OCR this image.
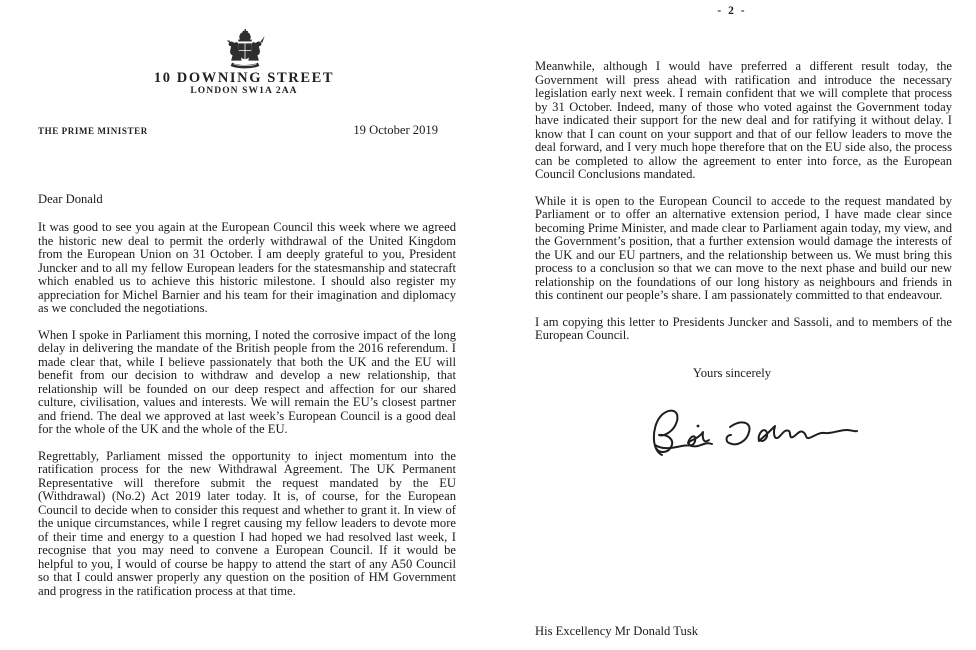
10 DOWNING STREET
LONDON SW1A 2AA
THE PRIME MINISTER	19 October 2019
Dear Donald

It was good to see you again at the European Council this week where we agreed the historic new deal to permit the orderly withdrawal of the United Kingdom from the European Union on 31 October. I am deeply grateful to you, President Juncker and to all my fellow European leaders for the statesmanship and statecraft which enabled us to achieve this historic milestone. I should also register my appreciation for Michel Barnier and his team for their imagination and diplomacy as we concluded the negotiations.

When I spoke in Parliament this morning, I noted the corrosive impact of the long delay in delivering the mandate of the British people from the 2016 referendum. I made clear that, while I believe passionately that both the UK and the EU will benefit from our decision to withdraw and develop a new relationship, that relationship will be founded on our deep respect and affection for our shared culture, civilisation, values and interests. We will remain the EU’s closest partner and friend. The deal we approved at last week’s European Council is a good deal for the whole of the UK and the whole of the EU.

Regrettably, Parliament missed the opportunity to inject momentum into the ratification process for the new Withdrawal Agreement. The UK Permanent Representative will therefore submit the request mandated by the EU (Withdrawal) (No.2) Act 2019 later today. It is, of course, for the European Council to decide when to consider this request and whether to grant it. In view of the unique circumstances, while I regret causing my fellow leaders to devote more of their time and energy to a question I had hoped we had resolved last week, I recognise that you may need to convene a European Council. If it would be helpful to you, I would of course be happy to attend the start of any A50 Council so that I could answer properly any question on the position of HM Government and progress in the ratification process at that time.

- 2 -

Meanwhile, although I would have preferred a different result today, the Government will press ahead with ratification and introduce the necessary legislation early next week. I remain confident that we will complete that process by 31 October. Indeed, many of those who voted against the Government today have indicated their support for the new deal and for ratifying it without delay. I know that I can count on your support and that of our fellow leaders to move the deal forward, and I very much hope therefore that on the EU side also, the process can be completed to allow the agreement to enter into force, as the European Council Conclusions mandated.

While it is open to the European Council to accede to the request mandated by Parliament or to offer an alternative extension period, I have made clear since becoming Prime Minister, and made clear to Parliament again today, my view, and the Government’s position, that a further extension would damage the interests of the UK and our EU partners, and the relationship between us. We must bring this process to a conclusion so that we can move to the next phase and build our new relationship on the foundations of our long history as neighbours and friends in this continent our people’s share. I am passionately committed to that endeavour.

I am copying this letter to Presidents Juncker and Sassoli, and to members of the European Council.

Yours sincerely
His Excellency Mr Donald Tusk
